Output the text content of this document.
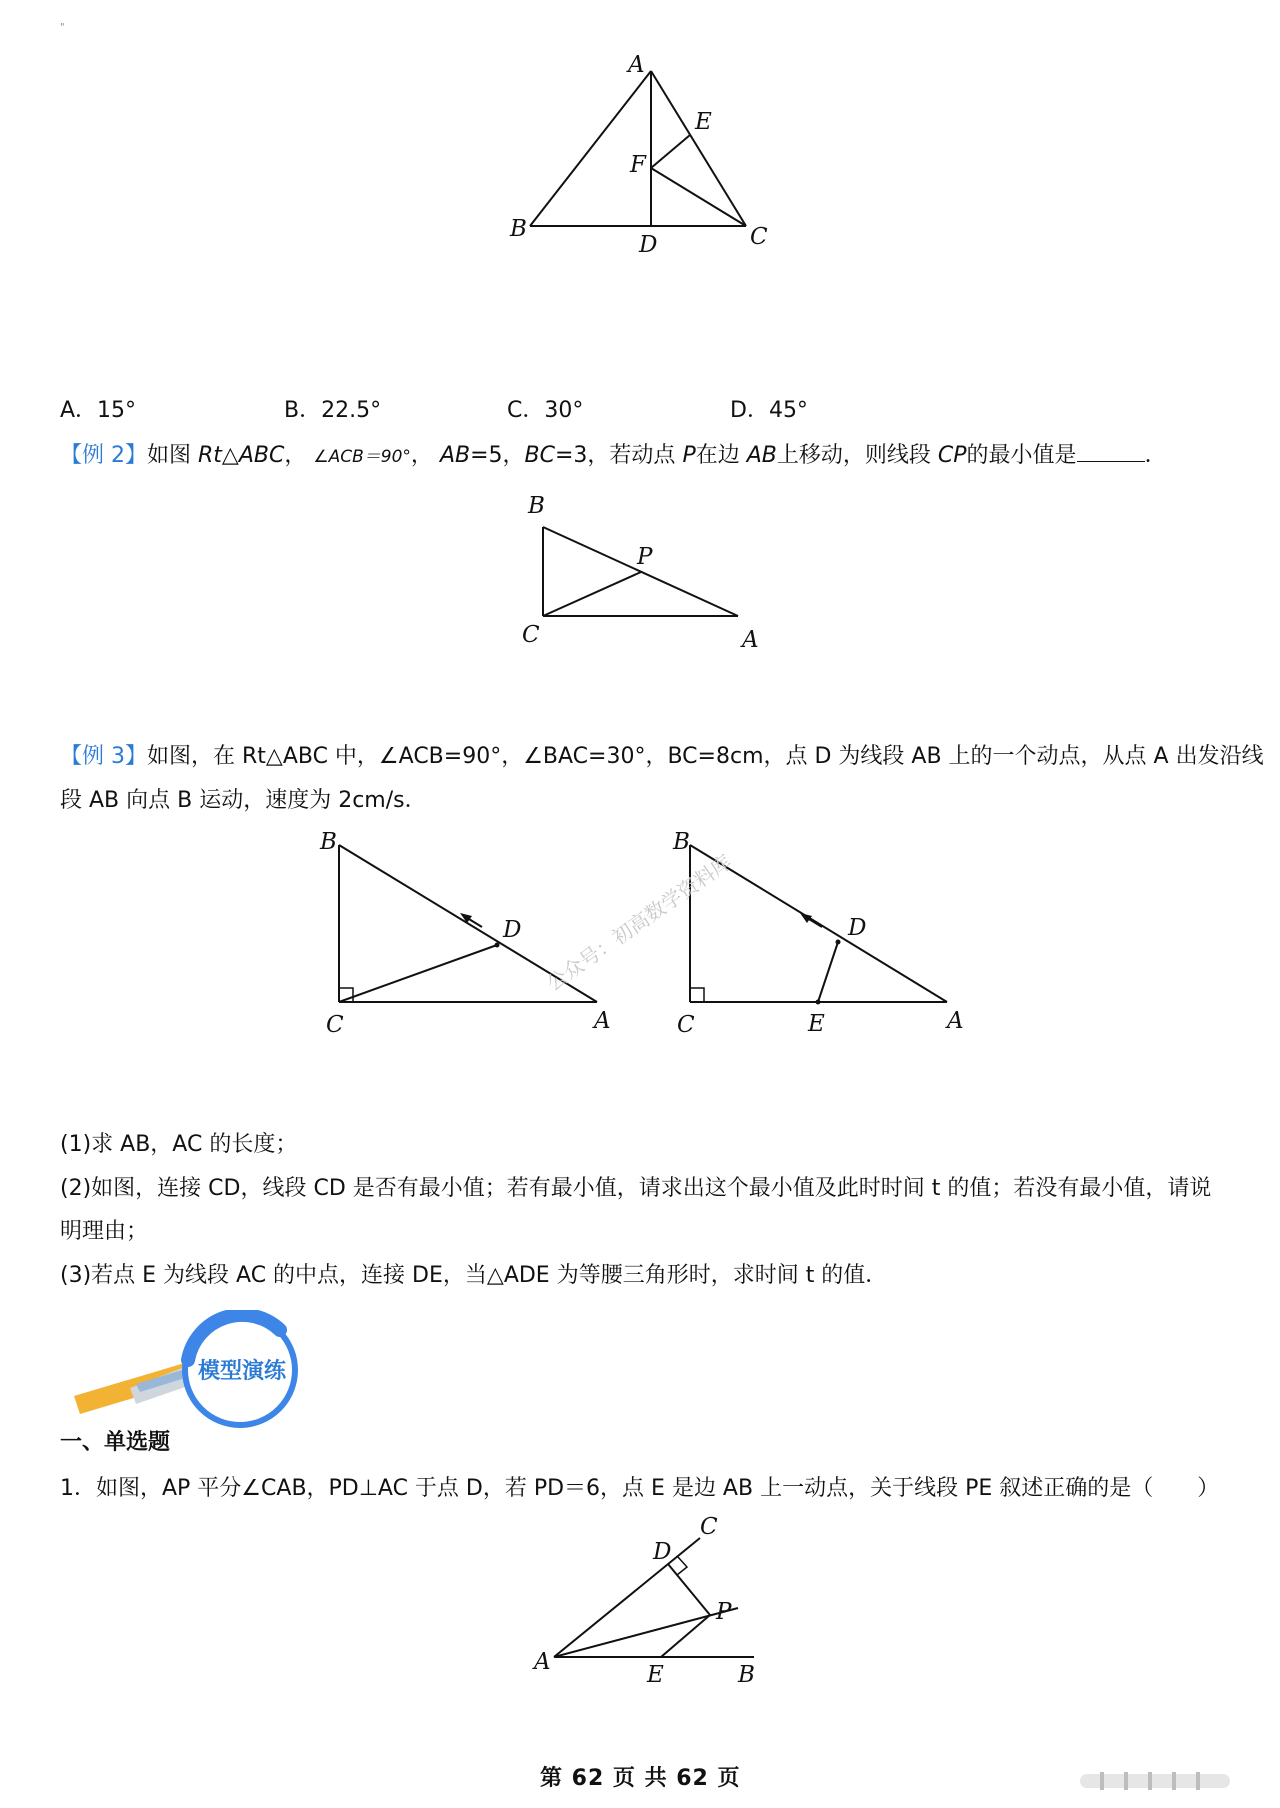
"
A
E
F
B
D	C
A．15°	B．22.5°	C．30°	D．45°
【例 2】如图 Rt△ABC， ∠ACB＝90°， AB=5，BC=3，若动点 P在边 AB上移动，则线段 CP的最小值是	．
B
P
C	A
【例 3】如图，在 Rt△ABC 中，∠ACB=90°，∠BAC=30°，BC=8cm，点 D 为线段 AB 上的一个动点，从点 A 出发沿线
段 AB 向点 B 运动，速度为 2cm/s．
B
D
C	A
B
D
C	E	A
公众号：初高数学资料库
(1)求 AB，AC 的长度；
(2)如图，连接 CD，线段 CD 是否有最小值；若有最小值，请求出这个最小值及此时时间 t 的值；若没有最小值，请说
明理由；
(3)若点 E 为线段 AC 的中点，连接 DE，当△ADE 为等腰三角形时，求时间 t 的值．
模型演练
一、单选题
1．如图，AP 平分∠CAB，PD⊥AC 于点 D，若 PD＝6，点 E 是边 AB 上一动点，关于线段 PE 叙述正确的是（　　）
C
D
P
A	E	B
第 62 页 共 62 页
